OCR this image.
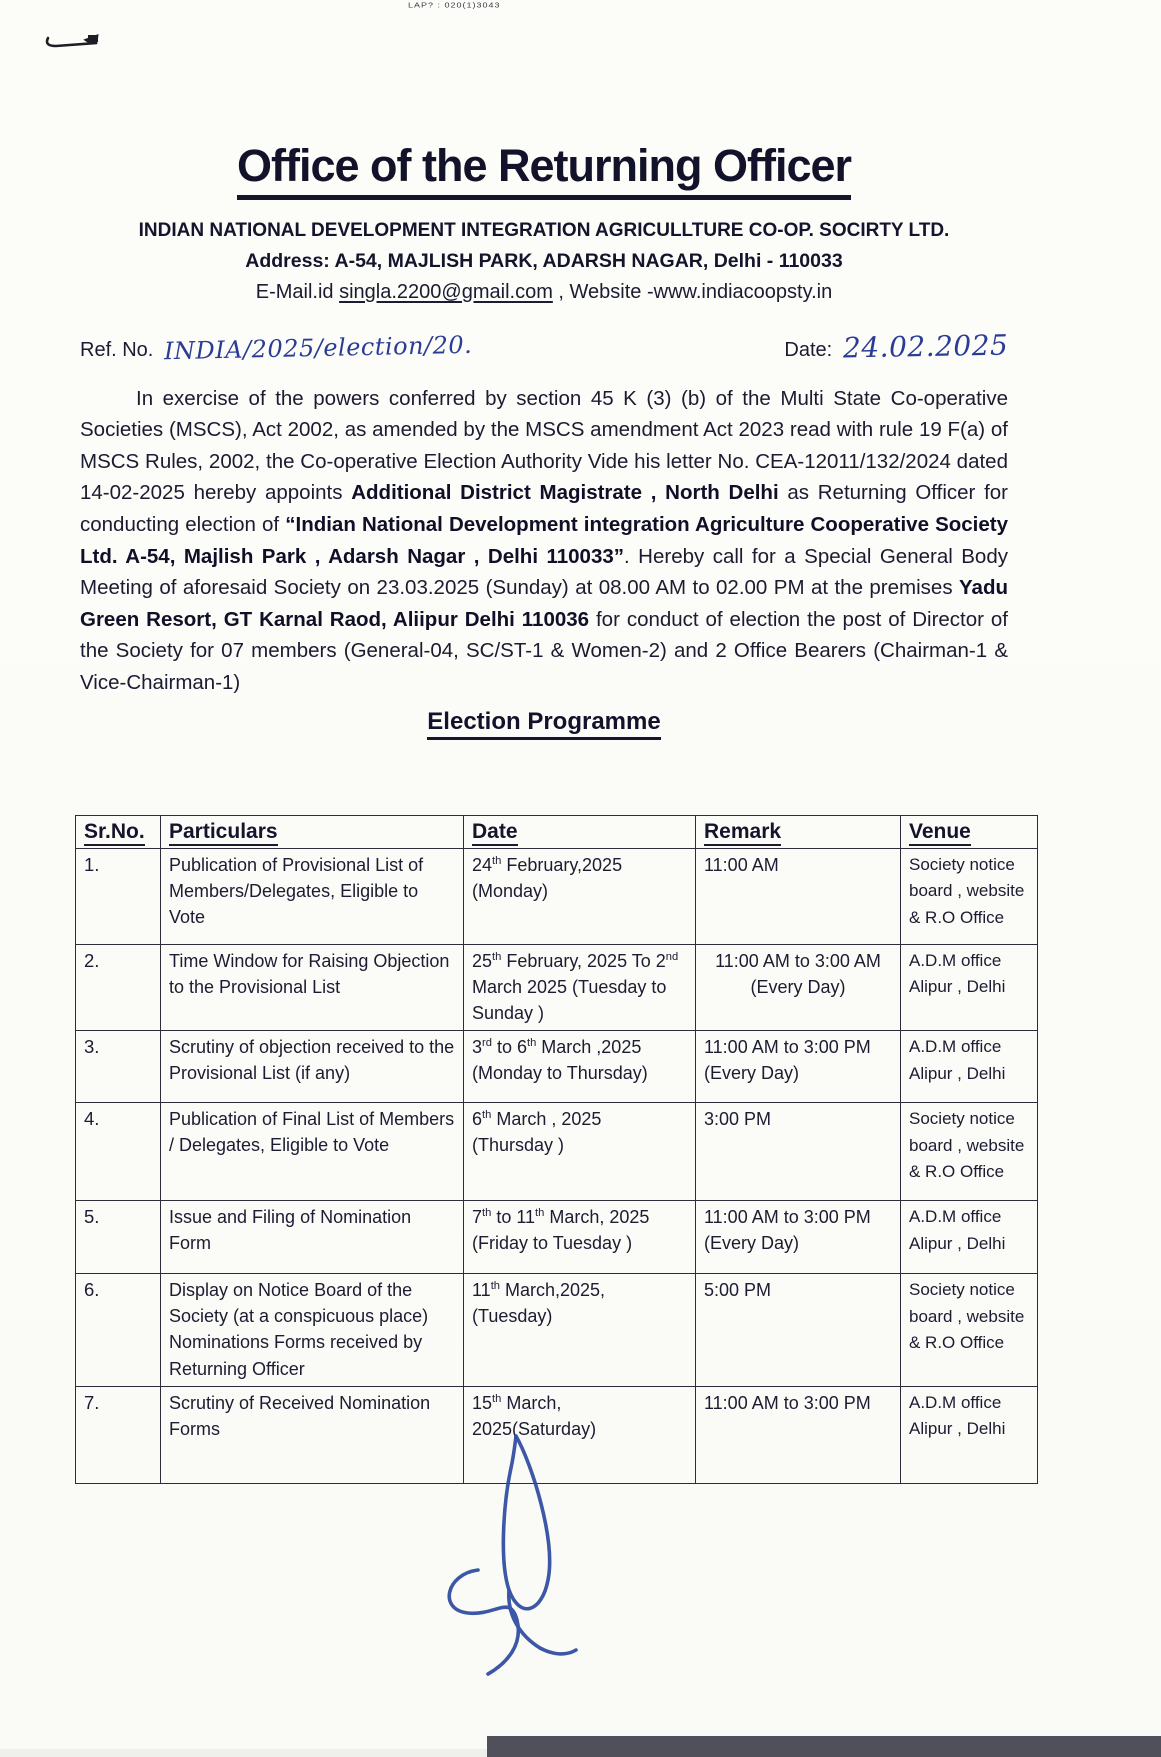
LAP? : 020(1)3043
Office of the Returning Officer
INDIAN NATIONAL DEVELOPMENT INTEGRATION AGRICULLTURE CO-OP. SOCIRTY LTD.
Address: A-54, MAJLISH PARK, ADARSH NAGAR, Delhi - 110033
E-Mail.id singla.2200@gmail.com , Website -www.indiacoopsty.in
Ref. No. INDIA/2025/election/20.	Date: 24.02.2025
In exercise of the powers conferred by section 45 K (3) (b) of the Multi State Co-operative Societies (MSCS), Act 2002, as amended by the MSCS amendment Act 2023 read with rule 19 F(a) of MSCS Rules, 2002, the Co-operative Election Authority Vide his letter No. CEA-12011/132/2024 dated 14-02-2025 hereby appoints Additional District Magistrate , North Delhi as Returning Officer for conducting election of “Indian National Development integration Agriculture Cooperative Society Ltd. A-54, Majlish Park , Adarsh Nagar , Delhi 110033”. Hereby call for a Special General Body Meeting of aforesaid Society on 23.03.2025 (Sunday) at 08.00 AM to 02.00 PM at the premises Yadu Green Resort, GT Karnal Raod, Aliipur Delhi 110036 for conduct of election the post of Director of the Society for 07 members (General-04, SC/ST-1 & Women-2) and 2 Office Bearers (Chairman-1 & Vice-Chairman-1)
Election Programme
Sr.No.	Particulars	Date	Remark	Venue
1.	Publication of Provisional List of Members/Delegates, Eligible to Vote	24th February,2025 (Monday)	11:00 AM	Society notice board , website & R.O Office
2.	Time Window for Raising Objection to the Provisional List	25th February, 2025 To 2nd March 2025 (Tuesday to Sunday )	11:00 AM to 3:00 AM (Every Day)	A.D.M office Alipur , Delhi
3.	Scrutiny of objection received to the Provisional List (if any)	3rd to 6th March ,2025 (Monday to Thursday)	11:00 AM to 3:00 PM (Every Day)	A.D.M office Alipur , Delhi
4.	Publication of Final List of Members / Delegates, Eligible to Vote	6th March , 2025 (Thursday )	3:00 PM	Society notice board , website & R.O Office
5.	Issue and Filing of Nomination Form	7th to 11th March, 2025 (Friday to Tuesday )	11:00 AM to 3:00 PM (Every Day)	A.D.M office Alipur , Delhi
6.	Display on Notice Board of the Society (at a conspicuous place) Nominations Forms received by Returning Officer	11th March,2025, (Tuesday)	5:00 PM	Society notice board , website & R.O Office
7.	Scrutiny of Received Nomination Forms	15th March, 2025(Saturday)	11:00 AM to 3:00 PM	A.D.M office Alipur , Delhi
